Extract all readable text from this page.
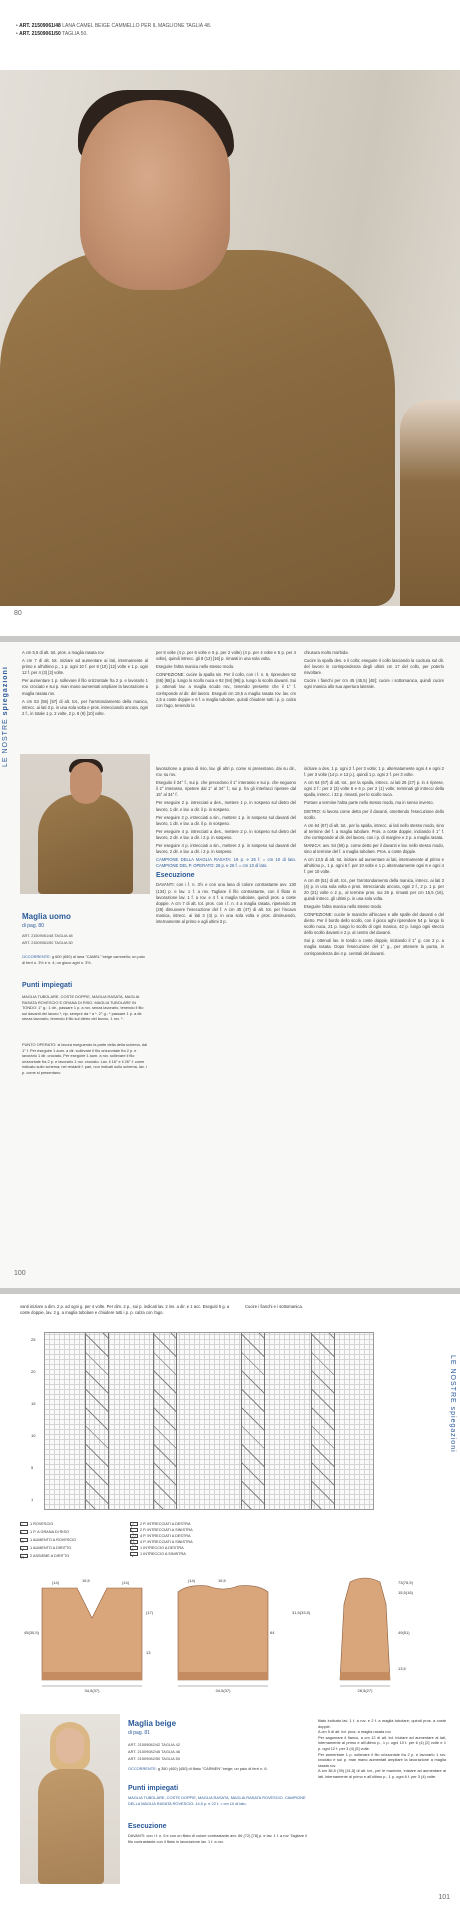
• ART. 21509061/48 LANA CAMEL BEIGE CAMMELLO PER IL MAGLIONE TAGLIA 48.
• ART. 21509061/50 TAGLIA 50.
80
LE NOSTRE spiegazioni

A cm 5,5 di alt. tot. pros. a maglia rasata rov.

A cm 7 di alt. tot. iniziare ad aumentare ai lati, internamente al primo e all'ultimo p., 1 p. ogni 10 f. per 8 (10) [12] volte e 1 p. ogni 12 f. per 4 (3) [2] volte.

Per aumentare 1 p. sollevare il filo orizzontale fra 2 p. e lavorarlo 1 rov. crociato e sui p. man mano aumentati ampliare la lavorazione a maglia rasata rov.

A cm 53 (55) [57] di alt. tot., per l'arrotondamento della manica, intrecc. ai lati 3 p. in una sola volta e pros. intrecciando ancora, ogni 2 f., in totale 1 p. 2 volte, 2 p. 8 (9) [10] volte.

per 8 volte (4 p. per 6 volte e 5 p. per 2 volte) (4 p. per 4 volte e 5 p. per 4 volte), quindi intrecc. gli 8 (12) [16] p. rimasti in una sola volta.

Eseguire l'altra manica nello stesso modo.

CONFEZIONE: cucire la spalla sin. Per il collo, con i f. n. 5, riprendere 62 (66) [68] p. lungo lo scollo nuca e 92 (94) [96] p. lungo lo scollo davanti. Sui p. ottenuti lav. a maglia scudo rov., tenendo presente che il 1° f. corrisponde al dir. del lavoro. Eseguiti cm 19,5 a maglia rasata rov. lav. cm 2,5 a coste doppie e 6 f. a maglia tubolare, quindi chiudere tutti i p. p. calza con l'ago, tenendo la

chiusura molto morbida.

Cucire la spalla des. e il collo; eseguire il collo lasciando la cucitura sul dir. del lavoro in corrispondenza degli ultimi cm 17 del collo, per poterlo risvoltare.

Cucire i fianchi per cm 45 (45,5) [48]; cucire i sottomanica, quindi cucire ogni manica allo sua apertura laterale.

Maglia uomo
di pag. 80
ART. 21509061/48 TAGLIA 48
ART. 21509061/50 TAGLIA 50
OCCORRENTE: g 600 (650) di lana "CAMEL" beige cammello; un paio di ferri n. 3½ e n. 4; un gioco aghi n. 3½.
Punti impiegati
MAGLIA TUBOLARE, COSTE DOPPIE, MAGLIA RASATA, MAGLIA RASATA ROVESCIO E GRANA DI RISO. MAGLIA TUBOLARE IN TONDO: 1° g.: 1 dir., passare 1 p. a rov. senza lavorarlo, tenendo il filo sul davanti del lavoro *, rip. sempre da * a *. 2° g.: * passare 1 p. a dir. senza lavorarlo, tenendo il filo sul dietro del lavoro, 1 rov. *.
PUNTO OPERATO: si lavora eseguendo la parte della della schema, dal 1° f. Per eseguire 1 aum. a dir. sollevare il filo orizzontale fra 2 p. e lavorarlo 1 dir. crociato. Per eseguire 1 aum. a rov. sollevare il filo orizzontale fra 2 p. e lavorarlo 1 rov. crociato. Lav. il 16° e il 26° f. come indicato sullo schema; nei restanti f. pari, non indicati sullo schema, lav. i p. come si presentano.

lavorazione a grana di riso, lav. gli altri p. come si presentano, dai su dir., rov. su rov.

Eseguito il 34° f., sui p. che precedono il 1° interasso e sui p. che seguono il 2° interasso, ripetere dal 1° al 34° f.; sui p. fra gli interlacci ripetere dal 15° al 34° f.

Per eseguire 2 p. intrecciati a des., mettere 1 p. in sospeso sul dietro del lavoro, 1 dir. e lav. a dir. il p. in sospeso.

Per eseguire 2 p. intrecciati a sin., mettere 1 p. in sospeso sul davanti del lavoro, 1 dir. e lav. a dir. il p. in sospeso.

Per eseguire 4 p. intrecciati a des., mettere 2 p. in sospeso sul dietro del lavoro, 2 dir. e lav. a dir. i 2 p. in sospeso.

Per eseguire 4 p. intrecciati a sin., mettere 2 p. in sospeso sul davanti del lavoro, 2 dir. e lav. a dir. i 2 p. in sospeso.

CAMPIONE DELLA MAGLIA RASATA: 19 p. e 26 f. = cm 10 di lato. CAMPIONE DEL P. OPERATO: 26 p. e 26 f. = cm 10 di lato.

Esecuzione

DAVANTI: con i f. n. 3½ e con una lana di colore contrastante avv. 130 (134) p. e lav. 1 f. a rov. Tagliare il filo contrastante, con il filato in lavorazione lav. 1 f. a rov. e 4 f. a maglia tubolare, quindi pros. a coste doppie. A cm 7 di alt. tot. pros. con i f. n. 4 a maglia rasata, ripetendo 26 (28) dimuovere l'esecuzione del f. A cm 45 (47) di alt. tot. per l'incavo manica, intrecc. ai lati 3 (4) p. in una sola volta e pros. diminuendo, internamente al primo e agli ultimi 3 p.

iniziare a des. 1 p. ogni 2 f. per 3 volte; 1 p. alternatamente ogni 4 e ogni 2 f. per 3 volte (14 p. e 13 p.), quindi 1 p. ogni 2 f. per 3 volte.

A cm 64 (67) di alt. tot., per la spalla, intrecc. ai lati 26 (27) p. in 4 riprese, ogni 2 f.: per 2 (3) volte 6 e 6 p. per 2 (1) volte; terminati gli intrecci della spalla, intrecc. i 32 p. rimasti, per lo scollo nuca.

Portare a termine l'altra parte nello stesso modo, ma in senso inverso.

DIETRO: si lavora come detto per il davanti, omettendo l'esecuzione dello scollo.

A cm 64 (67) di alt. tot., per la spalla, intrecc. ai lati nello stesso modo, sino al termine del f. a maglia tubolare. Pros. a coste doppie, iniziando il 1° f. che corrisponde al dir. del lavoro, con i p. di margine e 2 p. a maglia rasata.

MANICA: avv. 54 (56) p. come detto per il davanti e lav. nello stesso modo, sino al termine del f. a maglia tubolare. Pros. a coste doppie.

A cm 13,5 di alt. tot. iniziare ad aumentare ai lati, internamente al primo e all'ultimo p., 1 p. ogni 6 f. per 10 volte e 1 p. alternatamente ogni 6 e ogni 4 f. per 10 volte.

A cm 49 (51) di alt. tot., per l'arrotondamento della manica, intrecc. ai lati 3 (4) p. in una sola volta e pros. intrecciando ancora, ogni 2 f., 2 p. 1 p. per 20 (21) volte e 2 p., al termine pros. sui 26 p. rimasti per cm 15,5 (16), quindi intrecc. gli ultimi p. in una sola volta.

Eseguire l'altra manica nello stesso modo.

CONFEZIONE: cucire le maniche all'incavo e alle spalle del davanti e del dietro. Per il bordo dello scollo, con il gioco aghi riprendere 54 p. lungo lo scollo nuca, 21 p. lungo lo scollo di ogni manica, 42 p. lungo ogni stecco dello scollo davanti e 2 p. al centro del davanti.

Sui p. ottenuti lav. in tondo a coste doppie, iniziando il 1° g. con 2 p. a maglia rasata. Dopo l'esecuzione del 1° g., per ottenere la punta, in corrispondenza dei 4 p. centrali del davanti.

100
vanti iniziare a dim. 2 p. ad ogni g. per 4 volte. Per dim. 2 p., sui p. indicati lav. 2 ins. a dir. e 1 acc. Eseguiti 5 g. a coste doppie, lav. 2 g. a maglia tubolare e chiudere tutti i p. p. calza con l'ago.
Cucire i fianchi e i sottomanica.
25
20
15
10
5
1
LE NOSTRE spiegazioni
= 1 ROVESCIO
▪ 1 P. A GRANA DI RISO
∧ 1 AUMENTO A ROVESCIO
∨ 1 AUMENTO A DIRITTO
⊓ 2 ASSIEME A DIRITTO
╱ 2 P. INTRECCIATI A DESTRA
╲ 2 P. INTRECCIATI A SINISTRA
╱╱ 4 P. INTRECCIATI A DESTRA
╲╲ 4 P. INTRECCIATI A SINISTRA
⋏ 1 INTRECCIO A DESTRA
⋎ 1 INTRECCIO A SINISTRA
34,5(37)
(14)	(14)
45(30,5)
16,5
(17)
13
34,5(37)
(14)	16,5
64
28,5(27)
73(76,5)
15,5(16)
31,5(33,5)
49(51)
13,5
Maglia beige
di pag. 81
ART. 21509082/42 TAGLIA 42
ART. 21509082/46 TAGLIA 46
ART. 21509082/50 TAGLIA 50
OCCORRENTE: g 350 (400) [450] di filato "CARMEN" beige; un paio di ferri n. 6.
Punti impiegati
MAGLIA TUBOLARE, COSTE DOPPIE, MAGLIA RASATA, MAGLIA RASATA ROVESCIO. CAMPIONE DELLA MAGLIA RASATA ROVESCIO: 14,5 p. e 22 f. = cm 10 di lato.
Esecuzione
DAVANTI: con i f. n. 6 e con un filato di colore contrastante avv. 66 (72) [78] p. e lav. 1 f. a rov. Tagliare il filo contrastante con il filato in lavorazione lav. 1 f. a rov.

filato indicato lav. 1 f. a rov. e 2 f. a maglia tubolare; quindi pros. a coste doppie.

A cm 5 di alt. tot. pros. a maglia rasata rov.

Per sagomare il fianco, a cm 12 di alt. tot. iniziare ad aumentare ai lati, internamente al primo e all'ultimo p., 1 p. ogni 10 f. per 6 (4) [2] volte e 1 p. ogni 12 f. per 3 (4) [5] volte.

Per aumentare 1 p. sollevare il filo orizzontale fra 2 p. e lavorarlo 1 rov. crociato e sui p. man mano aumentati ampliare la lavorazione a maglia rasata rov.

A cm 36,5 (39) [41,5] di alt. tot., per le maniche, iniziare ad aumentare ai lati, internamente al primo e all'ultimo p., 1 p. ogni 6 f. per 3 (4) volte.

101
